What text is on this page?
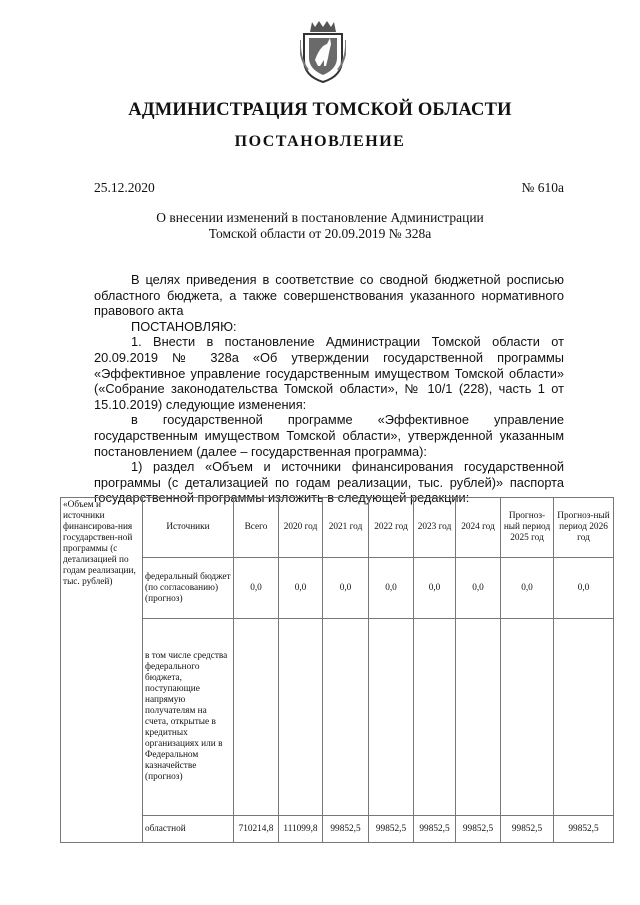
АДМИНИСТРАЦИЯ ТОМСКОЙ ОБЛАСТИ
ПОСТАНОВЛЕНИЕ
25.12.2020	№ 610а
О внесении изменений в постановление Администрации
Томской области от 20.09.2019 № 328а

В целях приведения в соответствие со сводной бюджетной росписью областного бюджета, а также совершенствования указанного нормативного правового акта

ПОСТАНОВЛЯЮ:

1. Внести в постановление Администрации Томской области от 20.09.2019 № 328а «Об утверждении государственной программы «Эффективное управление государственным имуществом Томской области» («Собрание законодательства Томской области», № 10/1 (228), часть 1 от 15.10.2019) следующие изменения:

в государственной программе «Эффективное управление государственным имуществом Томской области», утвержденной указанным постановлением (далее – государственная программа):

1) раздел «Объем и источники финансирования государственной программы (с детализацией по годам реализации, тыс. рублей)» паспорта государственной программы изложить в следующей редакции:

«Объем и источники финансирова-ния государствен-ной программы (с детализацией по годам реализации, тыс. рублей)	Источники	Всего	2020 год	2021 год	2022 год	2023 год	2024 год	Прогноз-ный период 2025 год	Прогноз-ный период 2026 год
	федеральный бюджет (по согласованию) (прогноз)	0,0	0,0	0,0	0,0	0,0	0,0	0,0	0,0
	в том числе средства федерального бюджета, поступающие напрямую получателям на счета, открытые в кредитных организациях или в Федеральном казначействе (прогноз)								
	областной	710214,8	111099,8	99852,5	99852,5	99852,5	99852,5	99852,5	99852,5
